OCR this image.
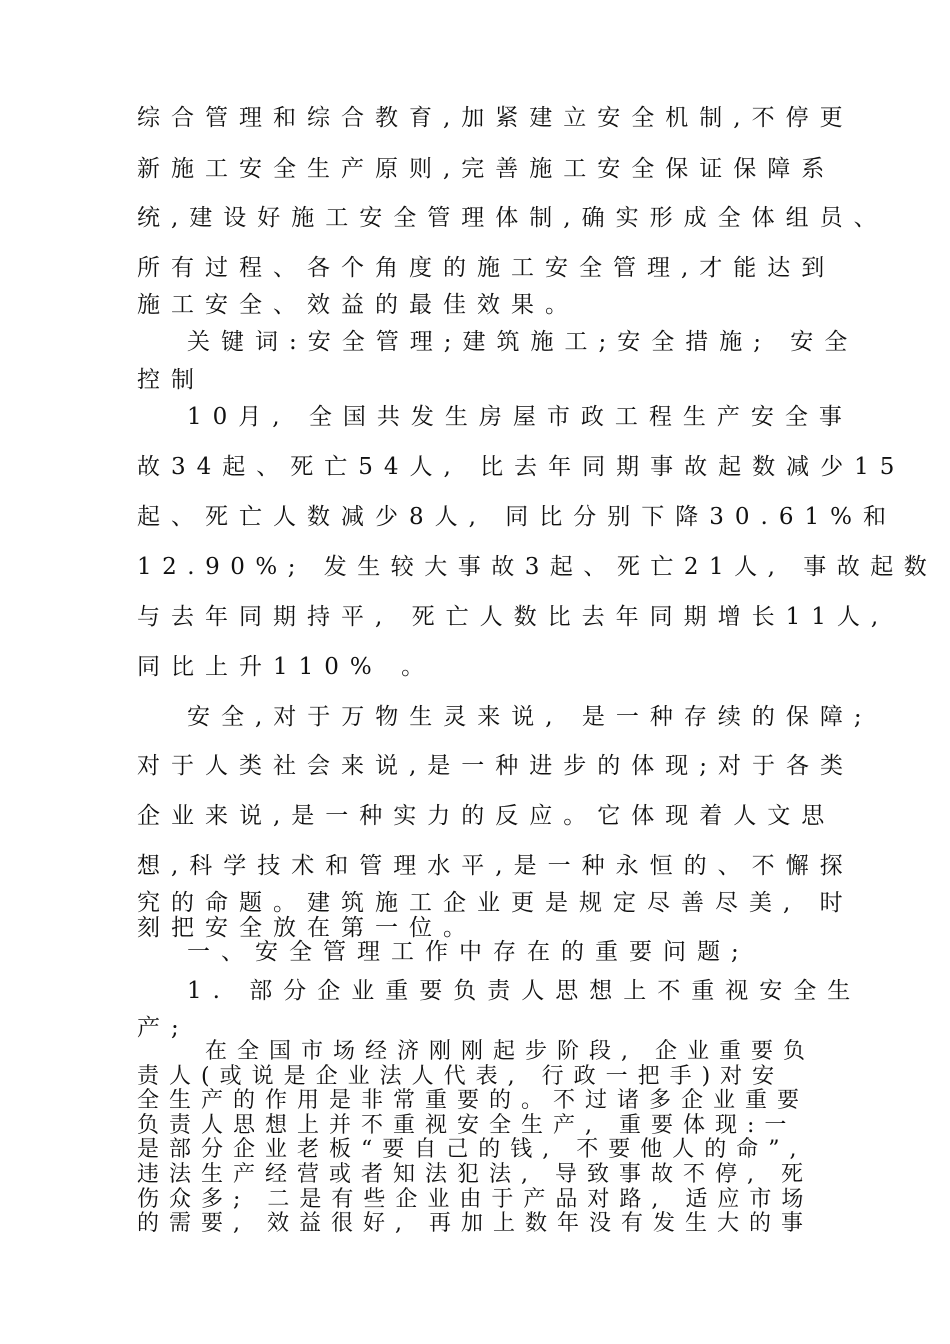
综合管理和综合教育,加紧建立安全机制,不停更
新施工安全生产原则,完善施工安全保证保障系
统,建设好施工安全管理体制,确实形成全体组员、
所有过程、各个角度的施工安全管理,才能达到
施工安全、效益的最佳效果。
关键词:安全管理;建筑施工;安全措施; 安全
控制
10月, 全国共发生房屋市政工程生产安全事
故34起、死亡54人, 比去年同期事故起数减少15
起、死亡人数减少8人, 同比分别下降30.61%和
12.90%; 发生较大事故3起、死亡21人, 事故起数
与去年同期持平, 死亡人数比去年同期增长11人,
同比上升110% 。
安全,对于万物生灵来说, 是一种存续的保障;
对于人类社会来说,是一种进步的体现;对于各类
企业来说,是一种实力的反应。它体现着人文思
想,科学技术和管理水平,是一种永恒的、不懈探
究的命题。建筑施工企业更是规定尽善尽美, 时
刻把安全放在第一位。
一、安全管理工作中存在的重要问题;
1. 部分企业重要负责人思想上不重视安全生
产;
在全国市场经济刚刚起步阶段, 企业重要负
责人(或说是企业法人代表, 行政一把手)对安
全生产的作用是非常重要的。不过诸多企业重要
负责人思想上并不重视安全生产, 重要体现:一
是部分企业老板“要自己的钱, 不要他人的命”,
违法生产经营或者知法犯法, 导致事故不停, 死
伤众多; 二是有些企业由于产品对路, 适应市场
的需要, 效益很好, 再加上数年没有发生大的事
